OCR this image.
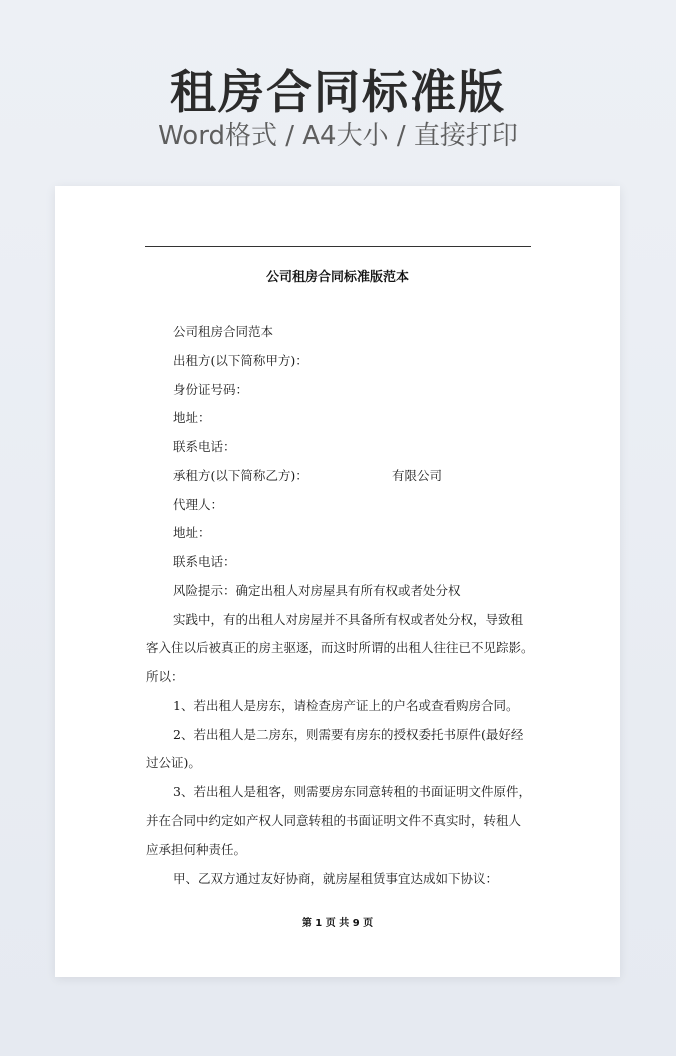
租房合同标准版
Word格式 / A4大小 / 直接打印
公司租房合同标准版范本
公司租房合同范本
出租方(以下简称甲方)：
身份证号码：
地址：
联系电话：
承租方(以下简称乙方)：	有限公司
代理人：
地址：
联系电话：
风险提示：确定出租人对房屋具有所有权或者处分权
实践中，有的出租人对房屋并不具备所有权或者处分权，导致租
客入住以后被真正的房主驱逐，而这时所谓的出租人往往已不见踪影。
所以：
1、若出租人是房东，请检查房产证上的户名或查看购房合同。
2、若出租人是二房东，则需要有房东的授权委托书原件(最好经
过公证)。
3、若出租人是租客，则需要房东同意转租的书面证明文件原件，
并在合同中约定如产权人同意转租的书面证明文件不真实时，转租人
应承担何种责任。
甲、乙双方通过友好协商，就房屋租赁事宜达成如下协议：
第 1 页 共 9 页
